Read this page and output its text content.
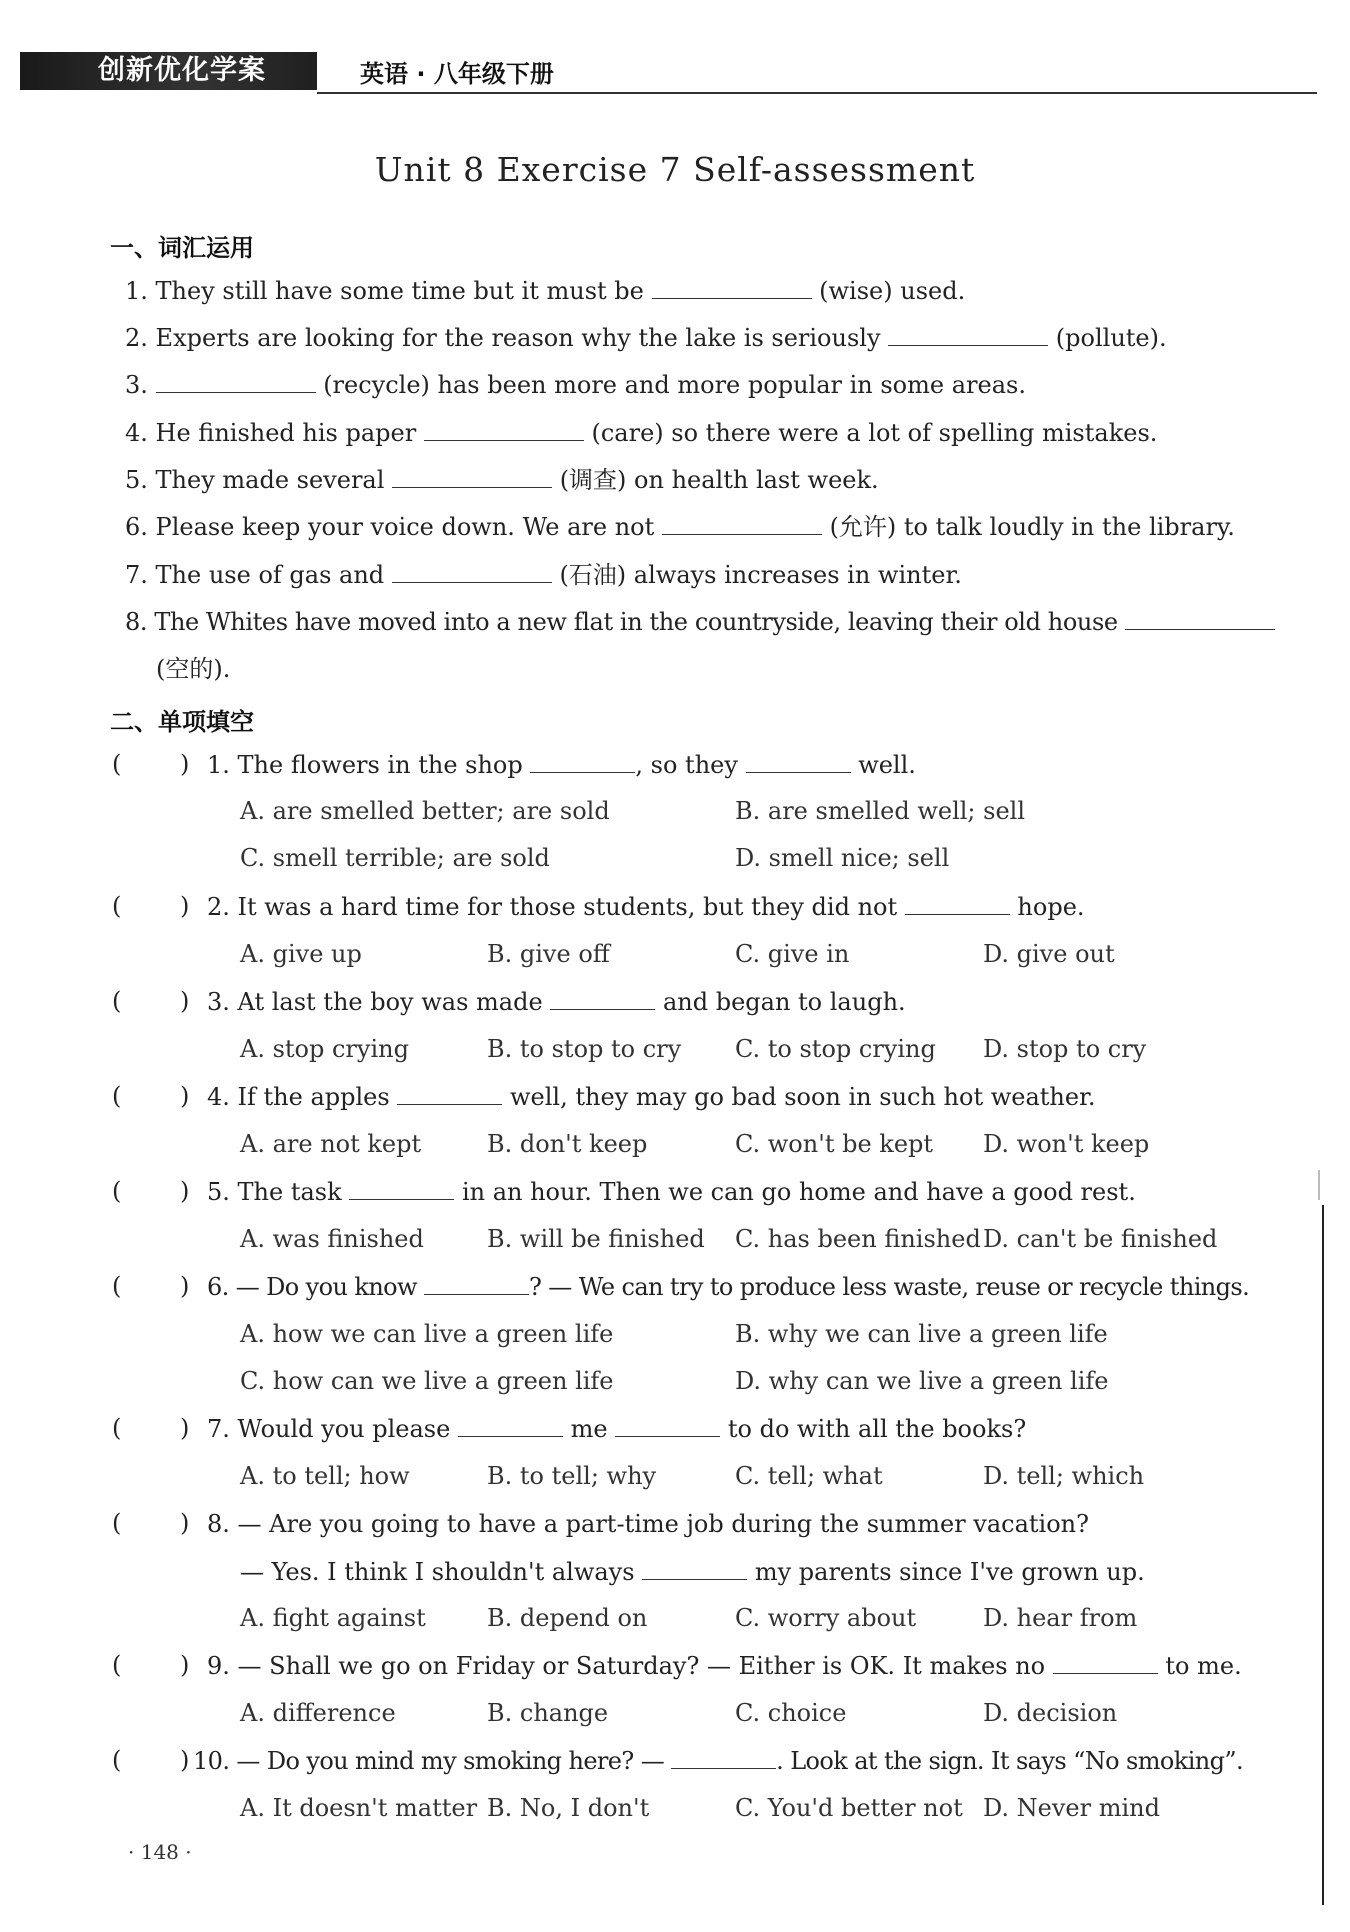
创新优化学案	英语 · 八年级下册
Unit 8 Exercise 7 Self-assessment
一、词汇运用
1. They still have some time but it must be	(wise) used.
2. Experts are looking for the reason why the lake is seriously	(pollute).
3.	(recycle) has been more and more popular in some areas.
4. He finished his paper	(care) so there were a lot of spelling mistakes.
5. They made several	(调查) on health last week.
6. Please keep your voice down. We are not	(允许) to talk loudly in the library.
7. The use of gas and	(石油) always increases in winter.
8. The Whites have moved into a new flat in the countryside, leaving their old house
(空的).
二、单项填空
( ) 1. The flowers in the shop	, so they	well.
A. are smelled better; are sold	B. are smelled well; sell
C. smell terrible; are sold	D. smell nice; sell
( ) 2. It was a hard time for those students, but they did not	hope.
A. give up	B. give off	C. give in	D. give out
( ) 3. At last the boy was made	and began to laugh.
A. stop crying	B. to stop to cry C. to stop crying D. stop to cry
( ) 4. If the apples	well, they may go bad soon in such hot weather.
A. are not kept	B. don't keep	C. won't be kept D. won't keep
( ) 5. The task	in an hour. Then we can go home and have a good rest.
A. was finished	B. will be finished C. has been finished D. can't be finished
( ) 6. — Do you know	? — We can try to produce less waste, reuse or recycle things.
A. how we can live a green life	B. why we can live a green life
C. how can we live a green life	D. why can we live a green life
( ) 7. Would you please	me	to do with all the books?
A. to tell; how	B. to tell; why	C. tell; what	D. tell; which
( ) 8. — Are you going to have a part-time job during the summer vacation?
— Yes. I think I shouldn't always	my parents since I've grown up.
A. fight against	B. depend on	C. worry about	D. hear from
( ) 9. — Shall we go on Friday or Saturday? — Either is OK. It makes no	to me.
A. difference	B. change	C. choice	D. decision
( ) 10. — Do you mind my smoking here? —	. Look at the sign. It says “No smoking”.
A. It doesn't matter B. No, I don't	C. You'd better not D. Never mind
· 148 ·
